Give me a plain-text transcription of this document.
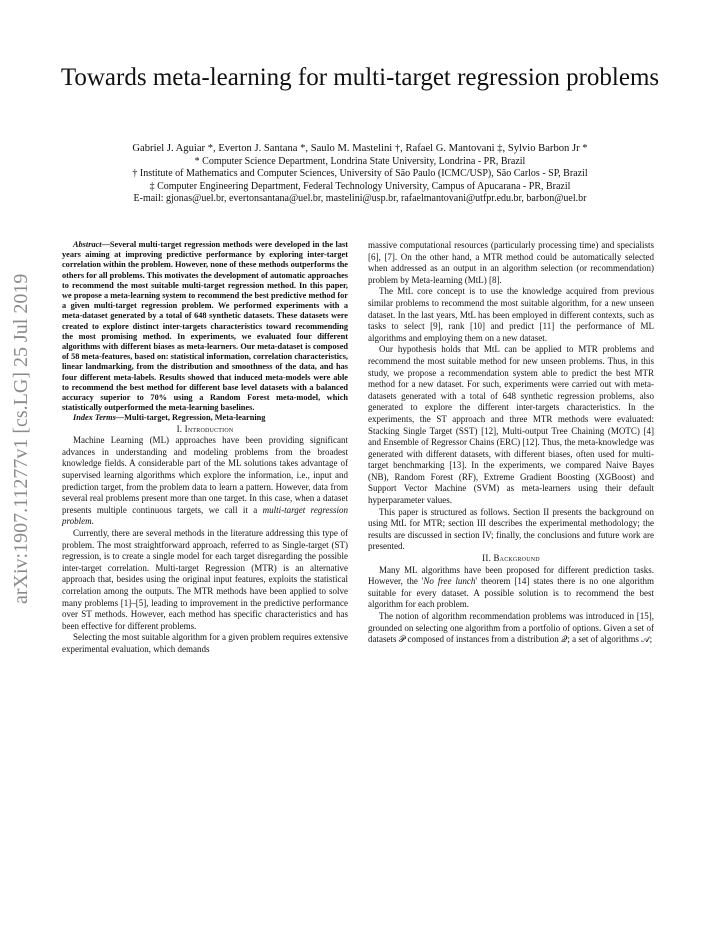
Towards meta-learning for multi-target regression problems
Gabriel J. Aguiar *, Everton J. Santana *, Saulo M. Mastelini †, Rafael G. Mantovani ‡, Sylvio Barbon Jr *
* Computer Science Department, Londrina State University, Londrina - PR, Brazil
† Institute of Mathematics and Computer Sciences, University of São Paulo (ICMC/USP), São Carlos - SP, Brazil
‡ Computer Engineering Department, Federal Technology University, Campus of Apucarana - PR, Brazil
E-mail: gjonas@uel.br, evertonsantana@uel.br, mastelini@usp.br, rafaelmantovani@utfpr.edu.br, barbon@uel.br
arXiv:1907.11277v1 [cs.LG] 25 Jul 2019

Abstract—Several multi-target regression methods were developed in the last years aiming at improving predictive performance by exploring inter-target correlation within the problem. However, none of these methods outperforms the others for all problems. This motivates the development of automatic approaches to recommend the most suitable multi-target regression method. In this paper, we propose a meta-learning system to recommend the best predictive method for a given multi-target regression problem. We performed experiments with a meta-dataset generated by a total of 648 synthetic datasets. These datasets were created to explore distinct inter-targets characteristics toward recommending the most promising method. In experiments, we evaluated four different algorithms with different biases as meta-learners. Our meta-dataset is composed of 58 meta-features, based on: statistical information, correlation characteristics, linear landmarking, from the distribution and smoothness of the data, and has four different meta-labels. Results showed that induced meta-models were able to recommend the best method for different base level datasets with a balanced accuracy superior to 70% using a Random Forest meta-model, which statistically outperformed the meta-learning baselines.

Index Terms—Multi-target, Regression, Meta-learning

I. Introduction

Machine Learning (ML) approaches have been providing significant advances in understanding and modeling problems from the broadest knowledge fields. A considerable part of the ML solutions takes advantage of supervised learning algorithms which explore the information, i.e., input and prediction target, from the problem data to learn a pattern. However, data from several real problems present more than one target. In this case, when a dataset presents multiple continuous targets, we call it a multi-target regression problem.

Currently, there are several methods in the literature addressing this type of problem. The most straightforward approach, referred to as Single-target (ST) regression, is to create a single model for each target disregarding the possible inter-target correlation. Multi-target Regression (MTR) is an alternative approach that, besides using the original input features, exploits the statistical correlation among the outputs. The MTR methods have been applied to solve many problems [1]–[5], leading to improvement in the predictive performance over ST methods. However, each method has specific characteristics and has been effective for different problems.

Selecting the most suitable algorithm for a given problem requires extensive experimental evaluation, which demands

massive computational resources (particularly processing time) and specialists [6], [7]. On the other hand, a MTR method could be automatically selected when addressed as an output in an algorithm selection (or recommendation) problem by Meta-learning (MtL) [8].

The MtL core concept is to use the knowledge acquired from previous similar problems to recommend the most suitable algorithm, for a new unseen dataset. In the last years, MtL has been employed in different contexts, such as tasks to select [9], rank [10] and predict [11] the performance of ML algorithms and employing them on a new dataset.

Our hypothesis holds that MtL can be applied to MTR problems and recommend the most suitable method for new unseen problems. Thus, in this study, we propose a recommendation system able to predict the best MTR method for a new dataset. For such, experiments were carried out with meta-datasets generated with a total of 648 synthetic regression problems, also generated to explore the different inter-targets characteristics. In the experiments, the ST approach and three MTR methods were evaluated: Stacking Single Target (SST) [12], Multi-output Tree Chaining (MOTC) [4] and Ensemble of Regressor Chains (ERC) [12]. Thus, the meta-knowledge was generated with different datasets, with different biases, often used for multi-target benchmarking [13]. In the experiments, we compared Naive Bayes (NB), Random Forest (RF), Extreme Gradient Boosting (XGBoost) and Support Vector Machine (SVM) as meta-learners using their default hyperparameter values.

This paper is structured as follows. Section II presents the background on using MtL for MTR; section III describes the experimental methodology; the results are discussed in section IV; finally, the conclusions and future work are presented.

II. Background

Many ML algorithms have been proposed for different prediction tasks. However, the 'No free lunch' theorem [14] states there is no one algorithm suitable for every dataset. A possible solution is to recommend the best algorithm for each problem.

The notion of algorithm recommendation problems was introduced in [15], grounded on selecting one algorithm from a portfolio of options. Given a set of datasets 𝒫 composed of instances from a distribution 𝒬; a set of algorithms 𝒜;
